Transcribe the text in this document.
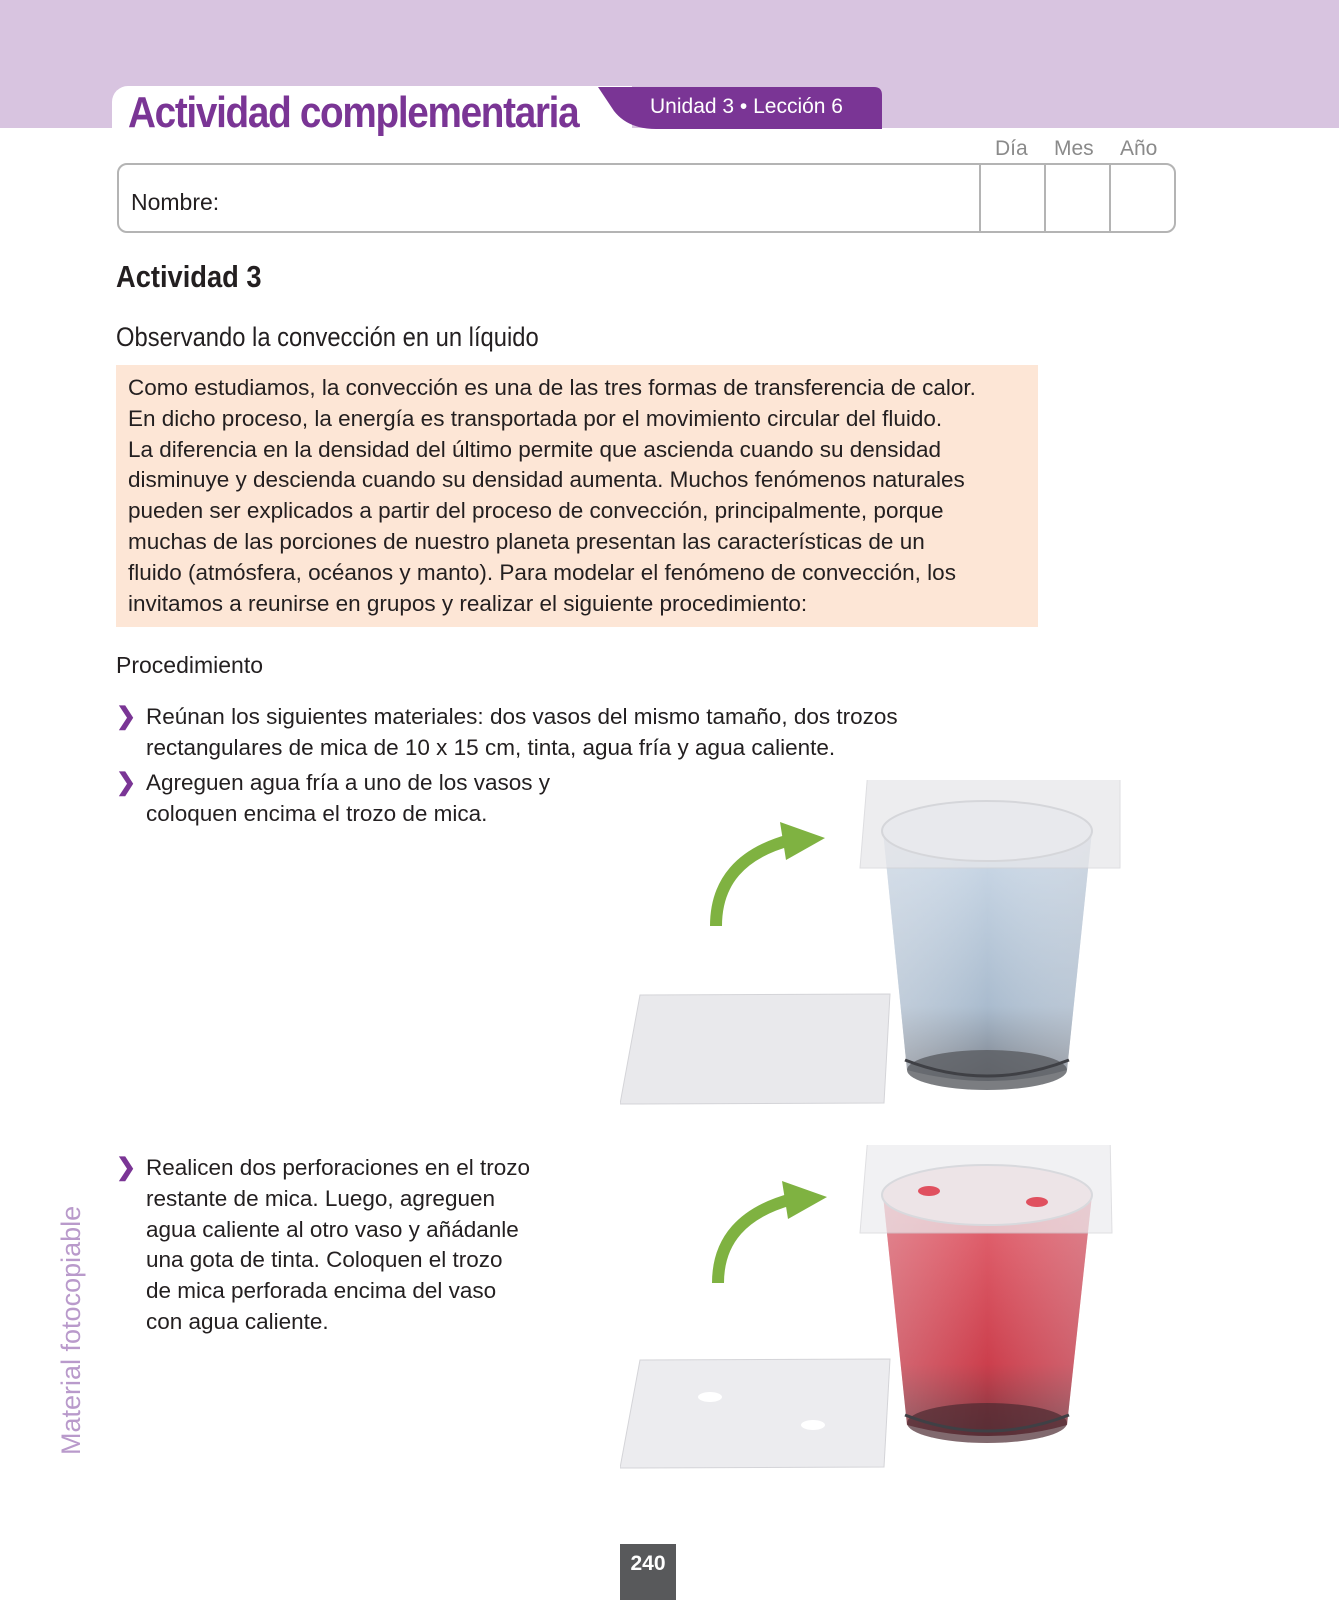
Actividad complementaria	Unidad 3 • Lección 6
Día Mes Año
Nombre:
Actividad 3
Observando la convección en un líquido

Como estudiamos, la convección es una de las tres formas de transferencia de calor.

En dicho proceso, la energía es transportada por el movimiento circular del fluido.

La diferencia en la densidad del último permite que ascienda cuando su densidad

disminuye y descienda cuando su densidad aumenta. Muchos fenómenos naturales

pueden ser explicados a partir del proceso de convección, principalmente, porque

muchas de las porciones de nuestro planeta presentan las características de un

fluido (atmósfera, océanos y manto). Para modelar el fenómeno de convección, los

invitamos a reunirse en grupos y realizar el siguiente procedimiento:

Procedimiento
❯ Reúnan los siguientes materiales: dos vasos del mismo tamaño, dos trozos
rectangulares de mica de 10 x 15 cm, tinta, agua fría y agua caliente.
❯ Agreguen agua fría a uno de los vasos y
coloquen encima el trozo de mica.
❯ Realicen dos perforaciones en el trozo
restante de mica. Luego, agreguen
agua caliente al otro vaso y añádanle
una gota de tinta. Coloquen el trozo
de mica perforada encima del vaso
con agua caliente.
Material fotocopiable
240
